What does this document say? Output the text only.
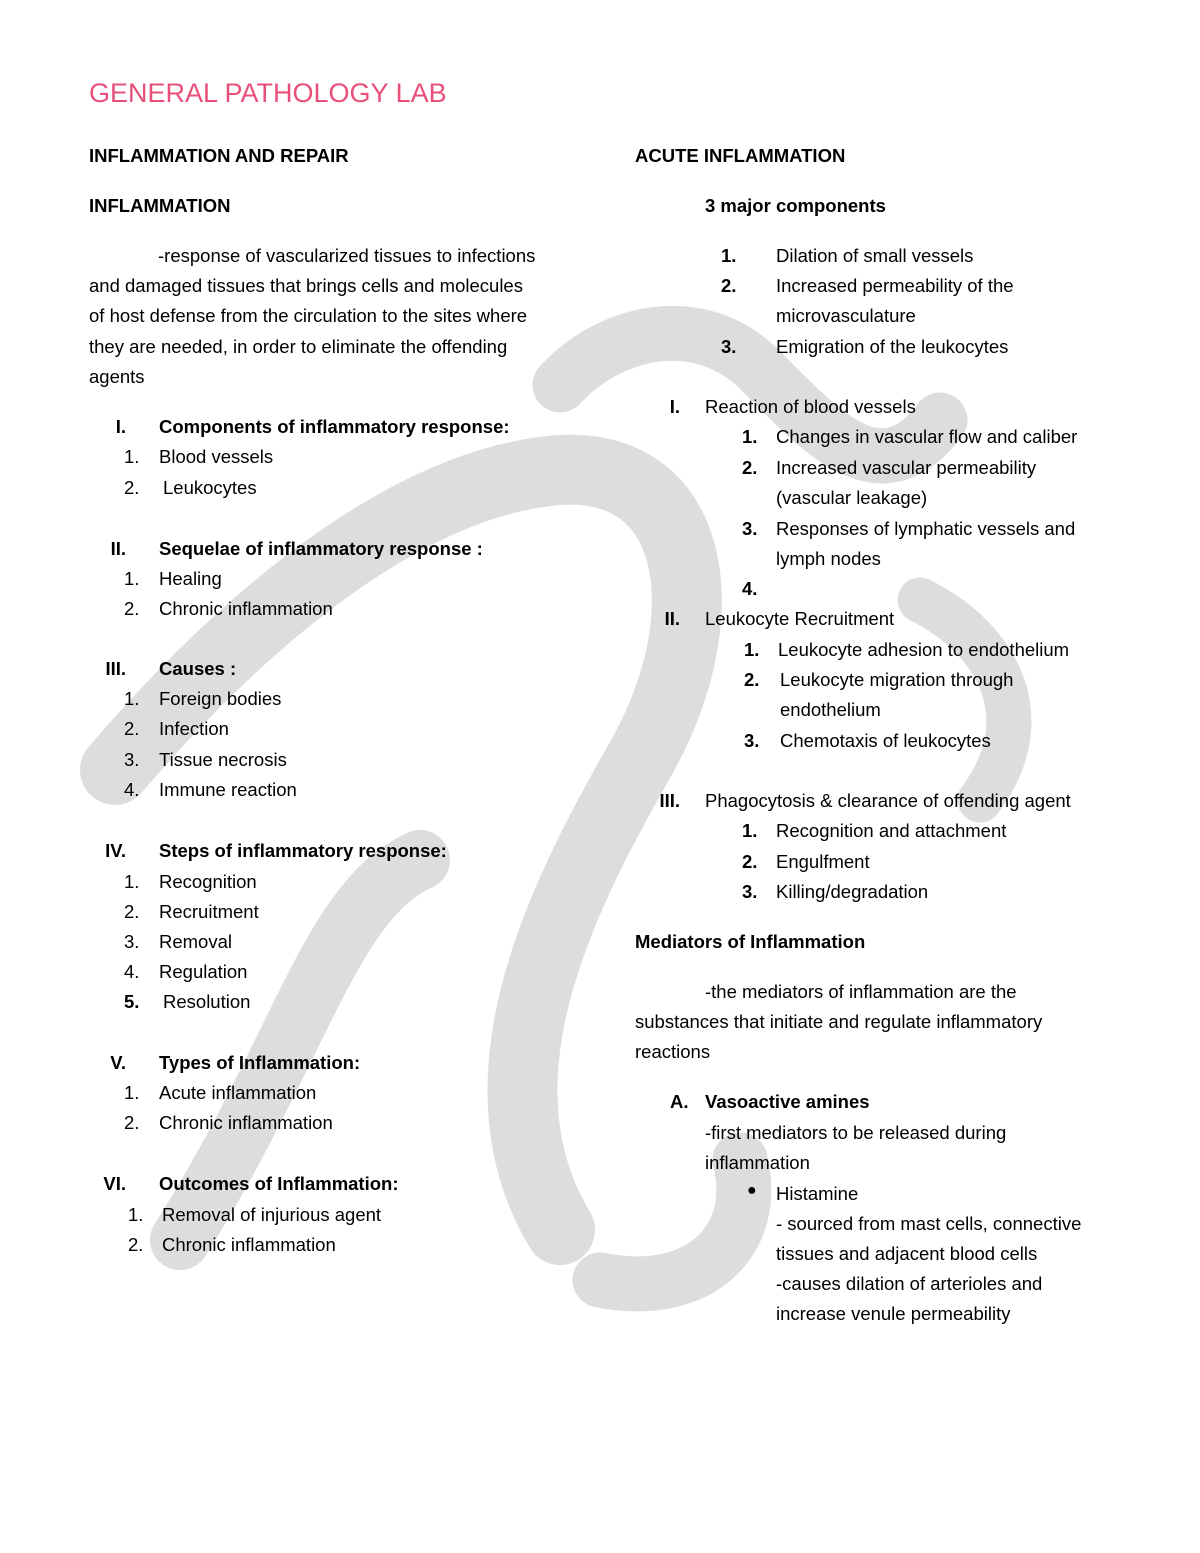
GENERAL PATHOLOGY LAB
INFLAMMATION AND REPAIR
INFLAMMATION
-response of vascularized tissues to infections
and damaged tissues that brings cells and molecules
of host defense from the circulation to the sites where
they are needed, in order to eliminate the offending
agents
I. Components of inflammatory response:
1. Blood vessels
2. Leukocytes
II. Sequelae of inflammatory response :
1. Healing
2. Chronic inflammation
III. Causes :
1. Foreign bodies
2. Infection
3. Tissue necrosis
4. Immune reaction
IV. Steps of inflammatory response:
1. Recognition
2. Recruitment
3. Removal
4. Regulation
5. Resolution
V. Types of Inflammation:
1. Acute inflammation
2. Chronic inflammation
VI. Outcomes of Inflammation:
1. Removal of injurious agent
2. Chronic inflammation
ACUTE INFLAMMATION
3 major components
1. Dilation of small vessels
2. Increased permeability of the
microvasculature
3. Emigration of the leukocytes
I. Reaction of blood vessels
1. Changes in vascular flow and caliber
2. Increased vascular permeability
(vascular leakage)
3. Responses of lymphatic vessels and
lymph nodes
4.
II. Leukocyte Recruitment
1. Leukocyte adhesion to endothelium
2. Leukocyte migration through
endothelium
3. Chemotaxis of leukocytes
III. Phagocytosis & clearance of offending agent
1. Recognition and attachment
2. Engulfment
3. Killing/degradation
Mediators of Inflammation
-the mediators of inflammation are the
substances that initiate and regulate inflammatory
reactions
A. Vasoactive amines
-first mediators to be released during
inflammation
● Histamine
- sourced from mast cells, connective
tissues and adjacent blood cells
-causes dilation of arterioles and
increase venule permeability
